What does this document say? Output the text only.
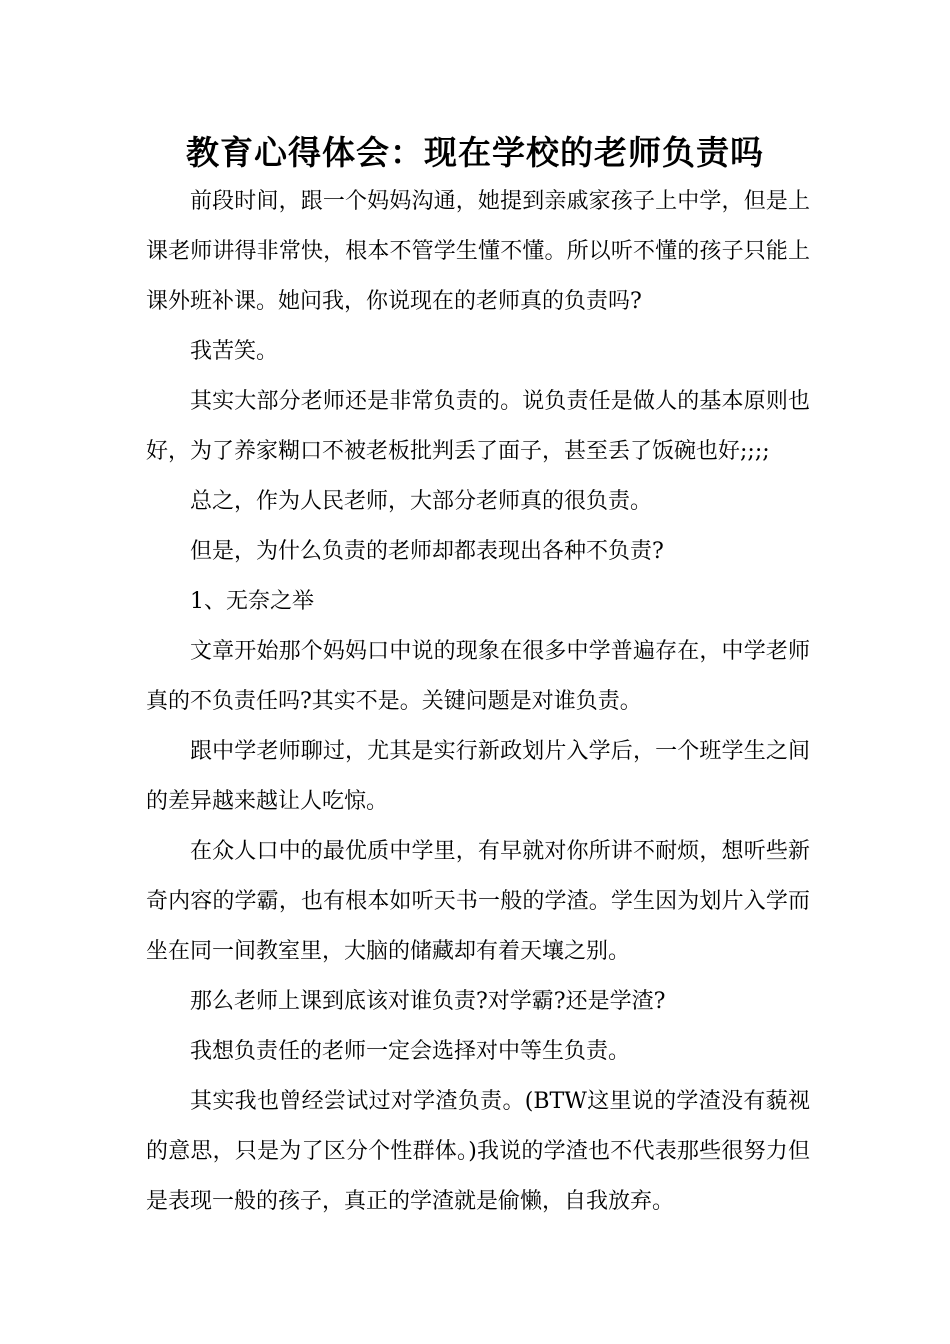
教育心得体会：现在学校的老师负责吗

前段时间，跟一个妈妈沟通，她提到亲戚家孩子上中学，但是上课老师讲得非常快，根本不管学生懂不懂。所以听不懂的孩子只能上课外班补课。她问我，你说现在的老师真的负责吗?

我苦笑。

其实大部分老师还是非常负责的。说负责任是做人的基本原则也好，为了养家糊口不被老板批判丢了面子，甚至丢了饭碗也好;;;;

总之，作为人民老师，大部分老师真的很负责。

但是，为什么负责的老师却都表现出各种不负责?

1、无奈之举

文章开始那个妈妈口中说的现象在很多中学普遍存在，中学老师真的不负责任吗?其实不是。关键问题是对谁负责。

跟中学老师聊过，尤其是实行新政划片入学后，一个班学生之间的差异越来越让人吃惊。

在众人口中的最优质中学里，有早就对你所讲不耐烦，想听些新奇内容的学霸，也有根本如听天书一般的学渣。学生因为划片入学而坐在同一间教室里，大脑的储藏却有着天壤之别。

那么老师上课到底该对谁负责?对学霸?还是学渣?

我想负责任的老师一定会选择对中等生负责。

其实我也曾经尝试过对学渣负责。(BTW这里说的学渣没有藐视的意思，只是为了区分个性群体。)我说的学渣也不代表那些很努力但是表现一般的孩子，真正的学渣就是偷懒，自我放弃。
